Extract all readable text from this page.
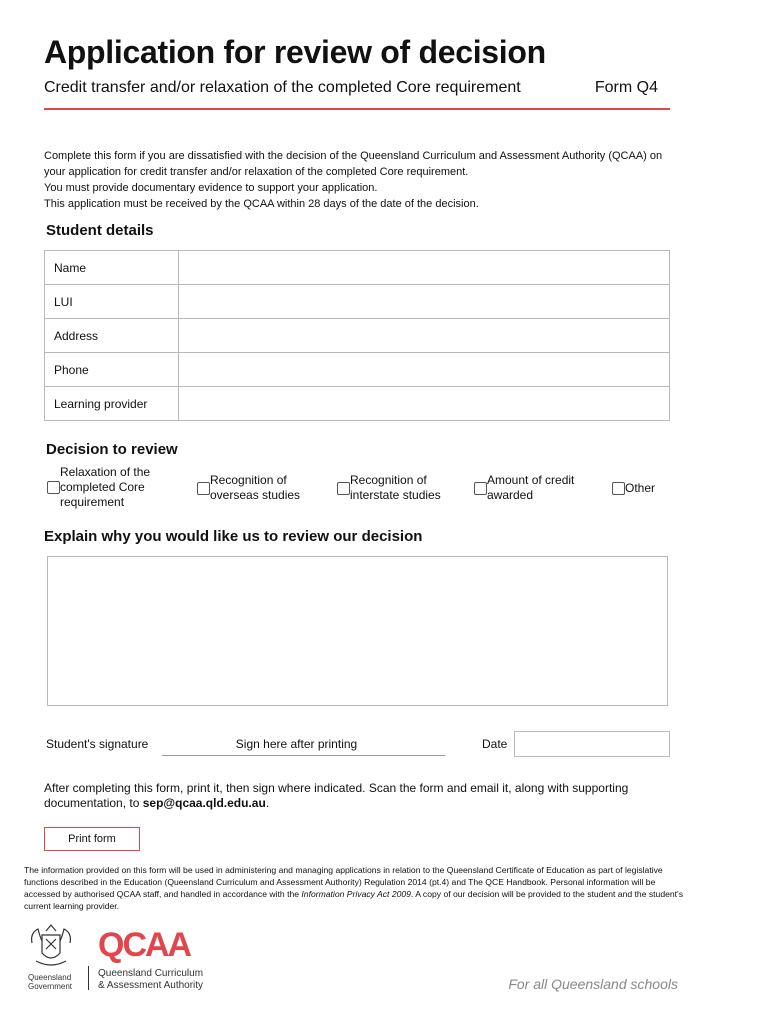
Application for review of decision
Credit transfer and/or relaxation of the completed Core requirement	Form Q4

Complete this form if you are dissatisfied with the decision of the Queensland Curriculum and Assessment Authority (QCAA) on your application for credit transfer and/or relaxation of the completed Core requirement.

You must provide documentary evidence to support your application.

This application must be received by the QCAA within 28 days of the date of the decision.

Student details
Name	
LUI	
Address	
Phone	
Learning provider	
Decision to review
Relaxation of the
completed Core
requirement
Recognition of
overseas studies
Recognition of
interstate studies
Amount of credit
awarded	Other
Explain why you would like us to review our decision
Student's signature	Sign here after printing	Date
After completing this form, print it, then sign where indicated. Scan the form and email it, along with supporting documentation, to sep@qcaa.qld.edu.au.
Print form
The information provided on this form will be used in administering and managing applications in relation to the Queensland Certificate of Education as part of legislative functions described in the Education (Queensland Curriculum and Assessment Authority) Regulation 2014 (pt.4) and The QCE Handbook. Personal information will be accessed by authorised QCAA staff, and handled in accordance with the Information Privacy Act 2009. A copy of our decision will be provided to the student and the student's current learning provider.
Queensland
Government
QCAA
Queensland Curriculum
& Assessment Authority	For all Queensland schools
